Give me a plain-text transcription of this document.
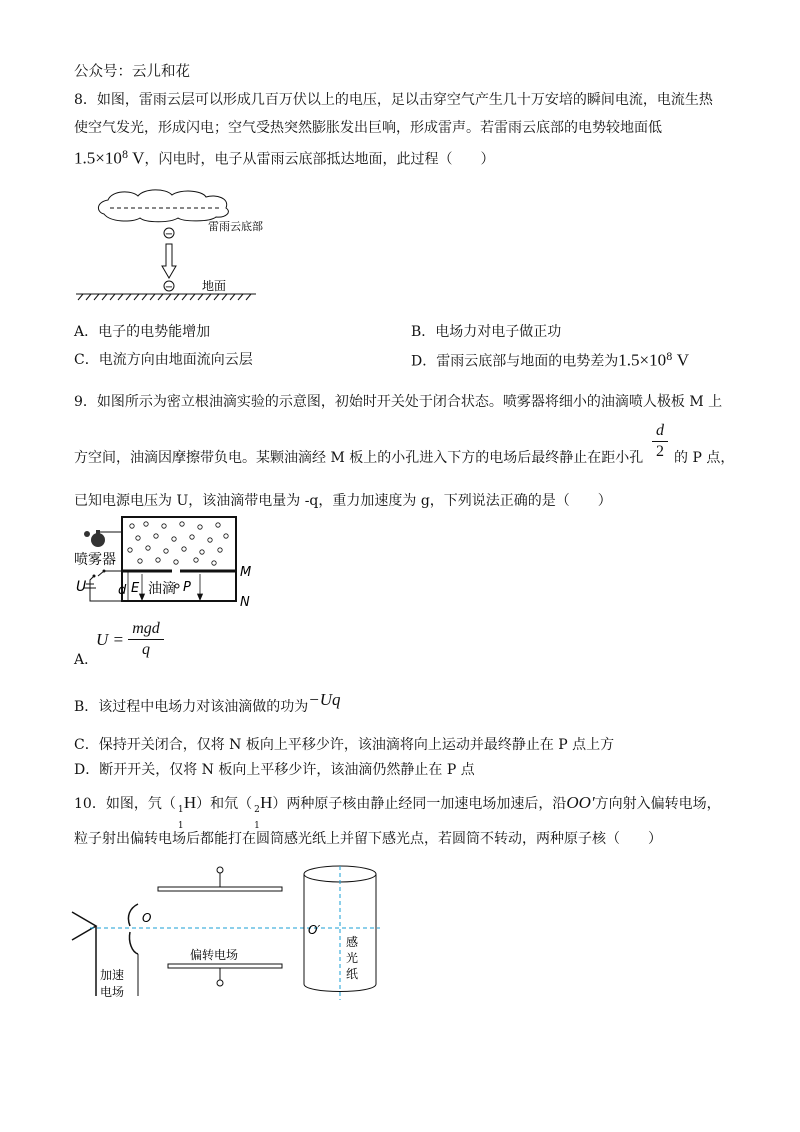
公众号：云儿和花
8．如图，雷雨云层可以形成几百万伏以上的电压，足以击穿空气产生几十万安培的瞬间电流，电流生热
使空气发光，形成闪电；空气受热突然膨胀发出巨响，形成雷声。若雷雨云底部的电势较地面低
$1.5\times 10^8$ V，闪电时，电子从雷雨云底部抵达地面，此过程（　　）
雷雨云底部
−
− 地面
A．电子的电势能增加	B．电场力对电子做正功
C．电流方向由地面流向云层	D．雷雨云底部与地面的电势差为$1.5\times 10^8$ V
9．如图所示为密立根油滴实验的示意图，初始时开关处于闭合状态。喷雾器将细小的油滴喷人极板 M 上
方空间，油滴因摩擦带负电。某颗油滴经 M 板上的小孔进入下方的电场后最终静止在距小孔
d
2 的 P 点，
已知电源电压为 U，该油滴带电量为 -q，重力加速度为 g，下列说法正确的是（　　）
喷雾器
U d E 油滴 P
M
N
A．
U =
mgd
q
B．该过程中电场力对该油滴做的功为−Uq
C．保持开关闭合，仅将 N 板向上平移少许，该油滴将向上运动并最终静止在 P 点上方
D．断开开关，仅将 N 板向上平移少许，该油滴仍然静止在 P 点
10．如图，氕（ 1
1
H）和氘（ 2
1
H）两种原子核由静止经同一加速电场加速后，沿OO′方向射入偏转电场，
粒子射出偏转电场后都能打在圆筒感光纸上并留下感光点，若圆筒不转动，两种原子核（　　）
O
偏转电场
加速
电场
O′
感
光
纸
